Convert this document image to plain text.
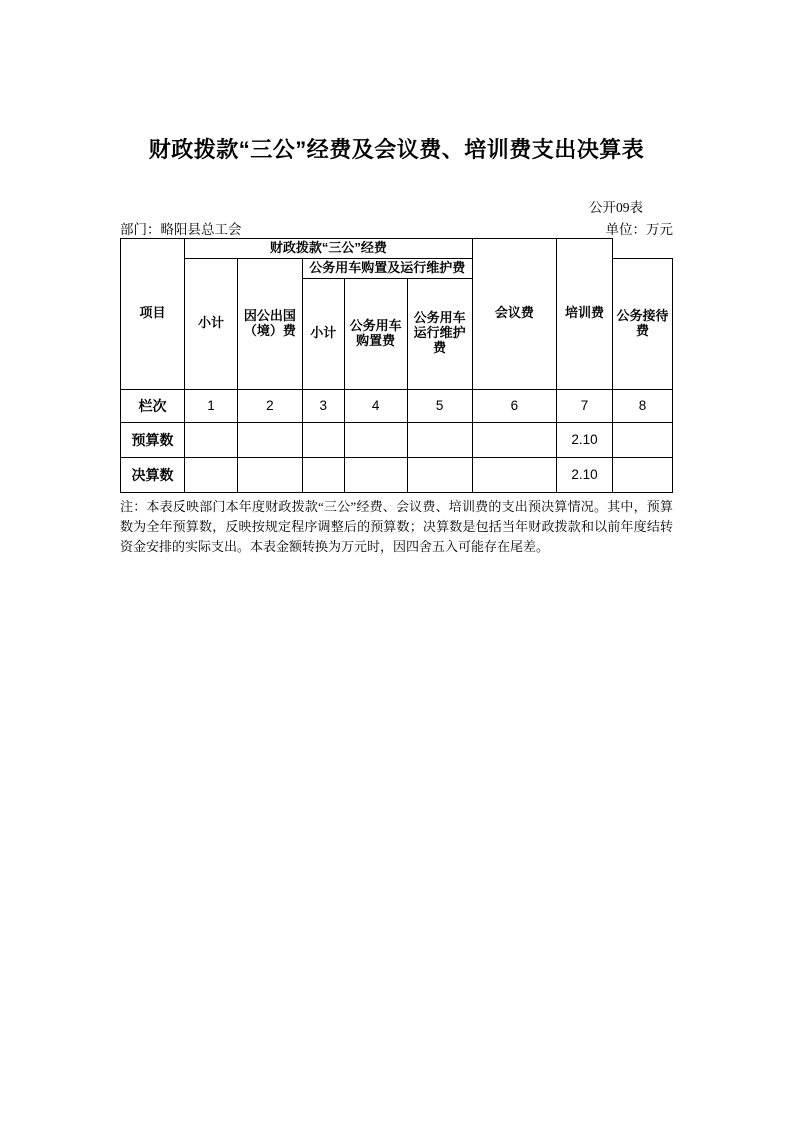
财政拨款“三公”经费及会议费、培训费支出决算表
公开09表
部门：略阳县总工会	单位：万元
项目	财政拨款“三公”经费					会议费	培训费	
	小计	因公出国（境）费	公务用车购置及运行维护费					公务接待费
			小计	公务用车购置费	公务用车运行维护费			

栏次	1	2	3	4	5	6	7	8
预算数							2.10	
决算数							2.10	

注：本表反映部门本年度财政拨款“三公”经费、会议费、培训费的支出预决算情况。其中，预算数为全年预算数，反映按规定程序调整后的预算数；决算数是包括当年财政拨款和以前年度结转资金安排的实际支出。本表金额转换为万元时，因四舍五入可能存在尾差。
